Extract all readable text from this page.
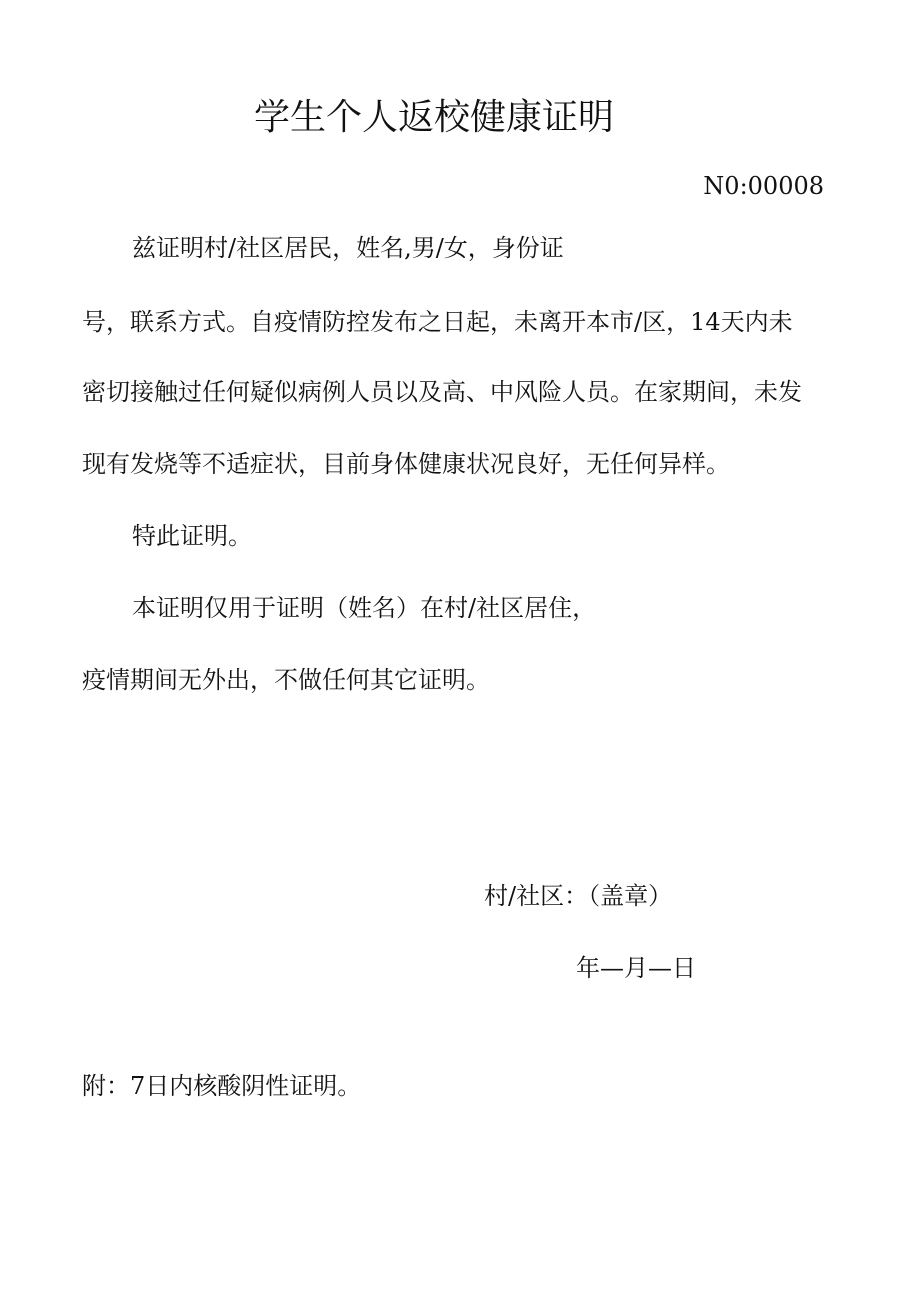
学生个人返校健康证明
N0:00008
兹证明村/社区居民，姓名,男/女，身份证
号，联系方式。自疫情防控发布之日起，未离开本市/区，14天内未
密切接触过任何疑似病例人员以及高、中风险人员。在家期间，未发
现有发烧等不适症状，目前身体健康状况良好，无任何异样。
特此证明。
本证明仅用于证明（姓名）在村/社区居住，
疫情期间无外出，不做任何其它证明。
村/社区：（盖章）
年—月—日
附：7日内核酸阴性证明。
